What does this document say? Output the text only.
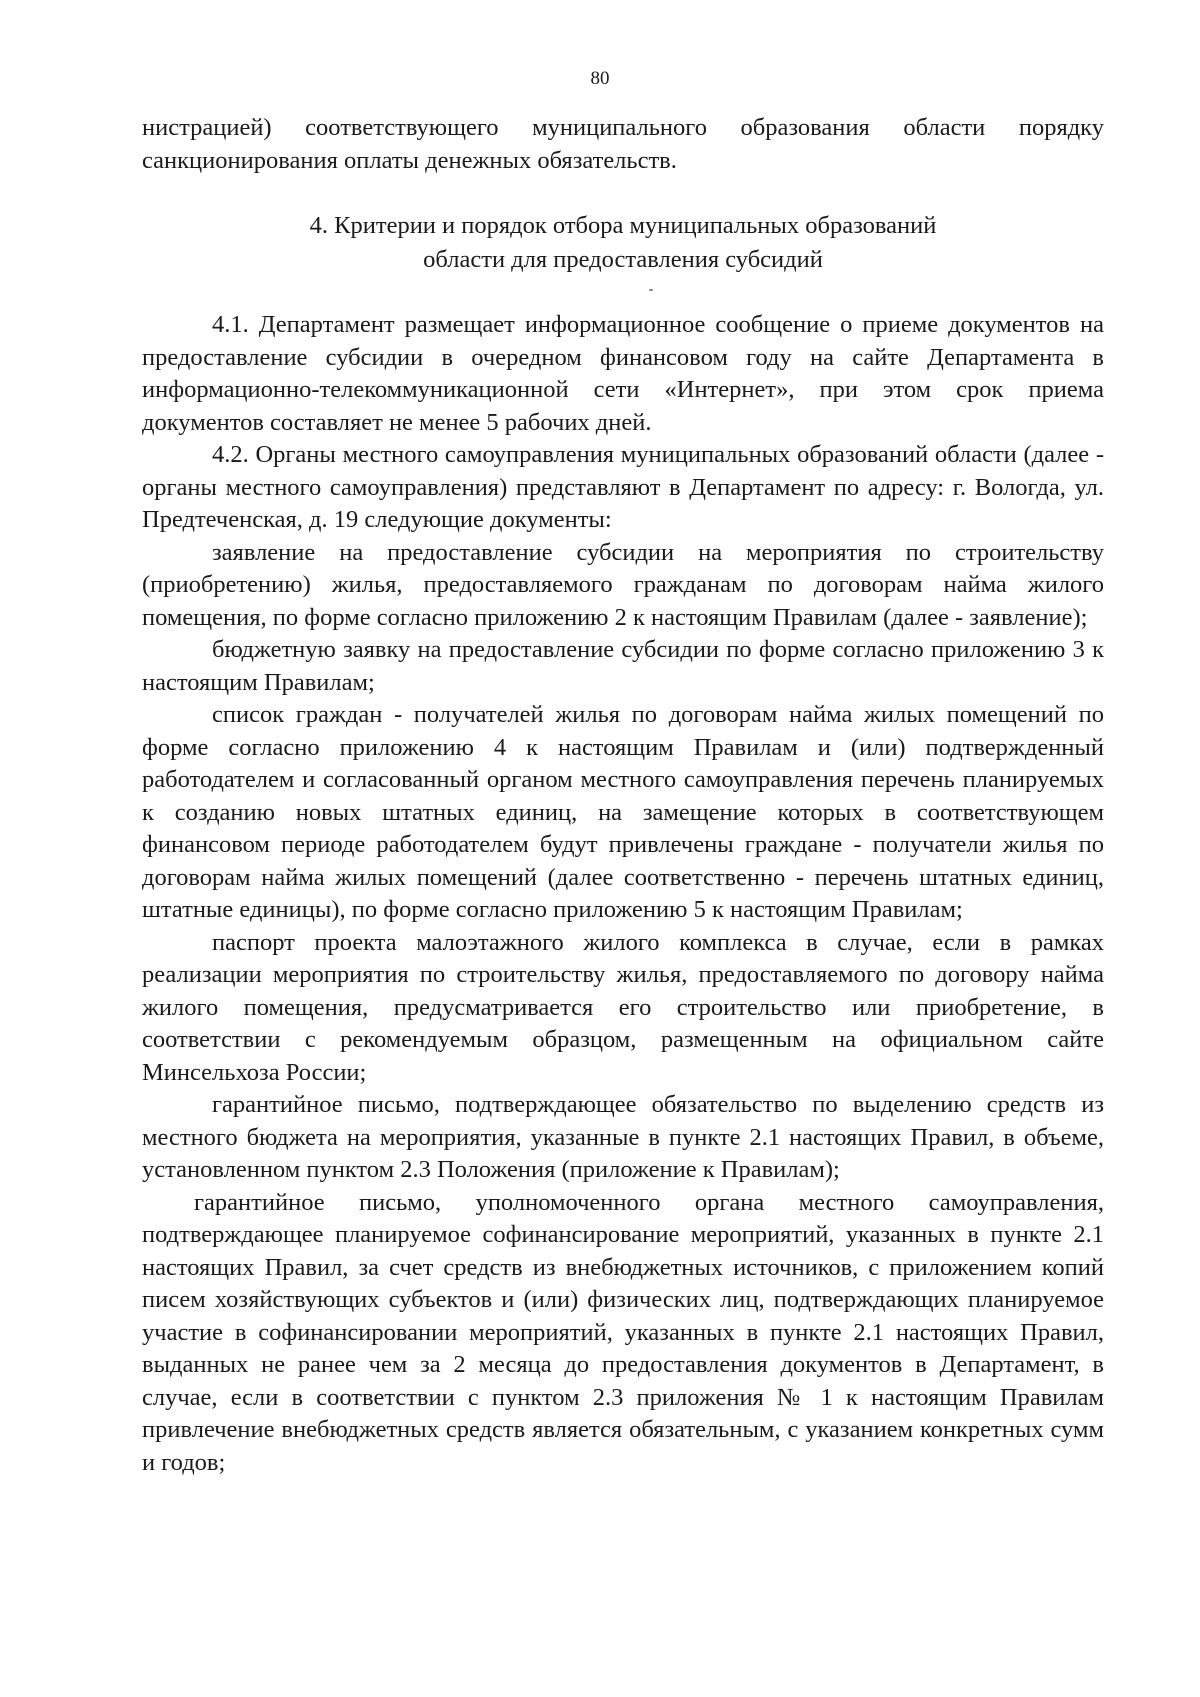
80

нистрацией) соответствующего муниципального образования области порядку санкционирования оплаты денежных обязательств.

4. Критерии и порядок отбора муниципальных образований
области для предоставления субсидий
-

4.1. Департамент размещает информационное сообщение о приеме документов на предоставление субсидии в очередном финансовом году на сайте Департамента в информационно-телекоммуникационной сети «Интернет», при этом срок приема документов составляет не менее 5 рабочих дней.

4.2. Органы местного самоуправления муниципальных образований области (далее - органы местного самоуправления) представляют в Департамент по адресу: г. Вологда, ул. Предтеченская, д. 19 следующие документы:

заявление на предоставление субсидии на мероприятия по строительству (приобретению) жилья, предоставляемого гражданам по договорам найма жилого помещения, по форме согласно приложению 2 к настоящим Правилам (далее - заявление);

бюджетную заявку на предоставление субсидии по форме согласно приложению 3 к настоящим Правилам;

список граждан - получателей жилья по договорам найма жилых помещений по форме согласно приложению 4 к настоящим Правилам и (или) подтвержденный работодателем и согласованный органом местного самоуправления перечень планируемых к созданию новых штатных единиц, на замещение которых в соответствующем финансовом периоде работодателем будут привлечены граждане - получатели жилья по договорам найма жилых помещений (далее соответственно - перечень штатных единиц, штатные единицы), по форме согласно приложению 5 к настоящим Правилам;

паспорт проекта малоэтажного жилого комплекса в случае, если в рамках реализации мероприятия по строительству жилья, предоставляемого по договору найма жилого помещения, предусматривается его строительство или приобретение, в соответствии с рекомендуемым образцом, размещенным на официальном сайте Минсельхоза России;

гарантийное письмо, подтверждающее обязательство по выделению средств из местного бюджета на мероприятия, указанные в пункте 2.1 настоящих Правил, в объеме, установленном пунктом 2.3 Положения (приложение к Правилам);

гарантийное письмо, уполномоченного органа местного самоуправления, подтверждающее планируемое софинансирование мероприятий, указанных в пункте 2.1 настоящих Правил, за счет средств из внебюджетных источников, с приложением копий писем хозяйствующих субъектов и (или) физических лиц, подтверждающих планируемое участие в софинансировании мероприятий, указанных в пункте 2.1 настоящих Правил, выданных не ранее чем за 2 месяца до предоставления документов в Департамент, в случае, если в соответствии с пунктом 2.3 приложения № 1 к настоящим Правилам привлечение внебюджетных средств является обязательным, с указанием конкретных сумм и годов;
